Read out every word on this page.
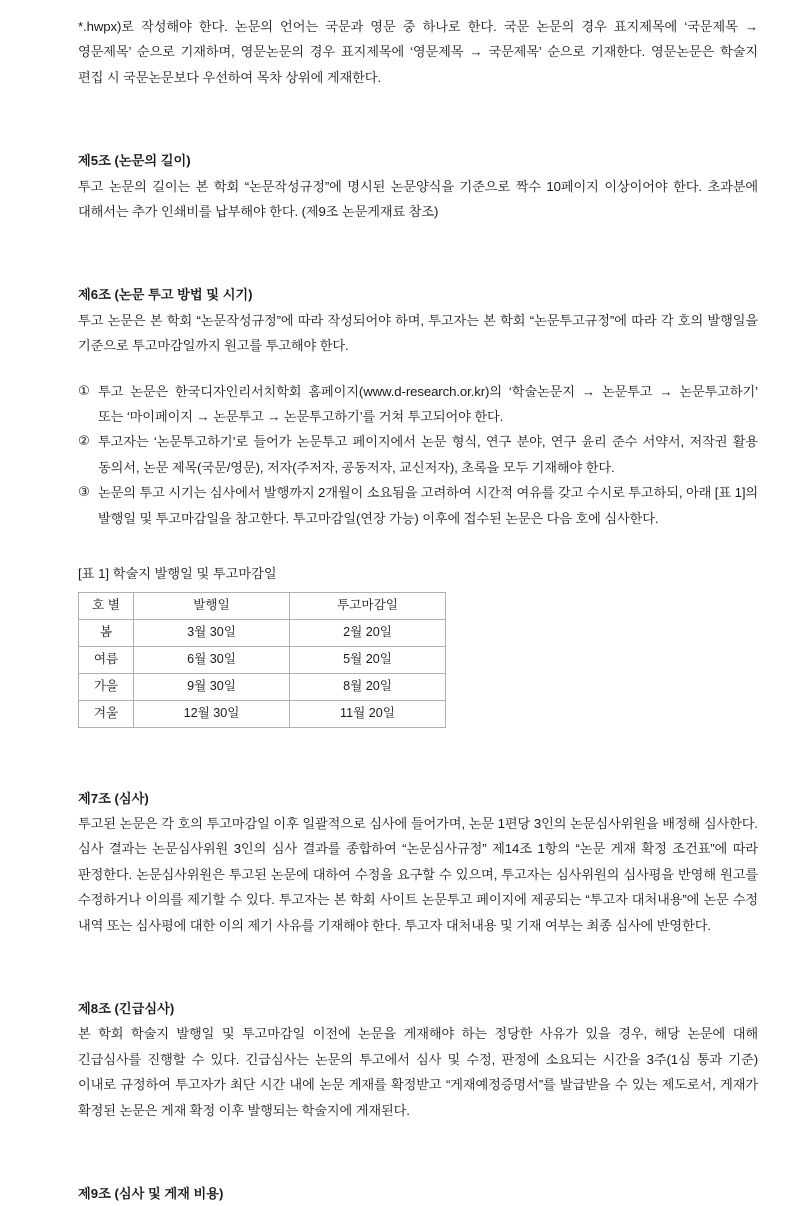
*.hwpx)로 작성해야 한다. 논문의 언어는 국문과 영문 중 하나로 한다. 국문 논문의 경우 표지제목에 ‘국문제목 → 영문제목’ 순으로 기재하며, 영문논문의 경우 표지제목에 ‘영문제목 → 국문제목’ 순으로 기재한다. 영문논문은 학술지 편집 시 국문논문보다 우선하여 목차 상위에 게재한다.

제5조 (논문의 길이)

투고 논문의 길이는 본 학회 “논문작성규정”에 명시된 논문양식을 기준으로 짝수 10페이지 이상이어야 한다. 초과분에 대해서는 추가 인쇄비를 납부해야 한다. (제9조 논문게재료 참조)

제6조 (논문 투고 방법 및 시기)

투고 논문은 본 학회 “논문작성규정”에 따라 작성되어야 하며, 투고자는 본 학회 “논문투고규정”에 따라 각 호의 발행일을 기준으로 투고마감일까지 원고를 투고해야 한다.

① 투고 논문은 한국디자인리서치학회 홈페이지(www.d-research.or.kr)의 ‘학술논문지 → 논문투고 → 논문투고하기’ 또는 ‘마이페이지 → 논문투고 → 논문투고하기’를 거쳐 투고되어야 한다.
② 투고자는 ‘논문투고하기’로 들어가 논문투고 페이지에서 논문 형식, 연구 분야, 연구 윤리 준수 서약서, 저작권 활용 동의서, 논문 제목(국문/영문), 저자(주저자, 공동저자, 교신저자), 초록을 모두 기재해야 한다.
③ 논문의 투고 시기는 심사에서 발행까지 2개월이 소요됨을 고려하여 시간적 여유를 갖고 수시로 투고하되, 아래 [표 1]의 발행일 및 투고마감일을 참고한다. 투고마감일(연장 가능) 이후에 접수된 논문은 다음 호에 심사한다.

[표 1] 학술지 발행일 및 투고마감일

호 별	발행일	투고마감일
봄	3월 30일	2월 20일
여름	6월 30일	5월 20일
가을	9월 30일	8월 20일
겨울	12월 30일	11월 20일
제7조 (심사)

투고된 논문은 각 호의 투고마감일 이후 일괄적으로 심사에 들어가며, 논문 1편당 3인의 논문심사위원을 배정해 심사한다. 심사 결과는 논문심사위원 3인의 심사 결과를 종합하여 “논문심사규정” 제14조 1항의 “논문 게재 확정 조건표”에 따라 판정한다. 논문심사위원은 투고된 논문에 대하여 수정을 요구할 수 있으며, 투고자는 심사위원의 심사평을 반영해 원고를 수정하거나 이의를 제기할 수 있다. 투고자는 본 학회 사이트 논문투고 페이지에 제공되는 “투고자 대처내용”에 논문 수정 내역 또는 심사평에 대한 이의 제기 사유를 기재해야 한다. 투고자 대처내용 및 기재 여부는 최종 심사에 반영한다.

제8조 (긴급심사)

본 학회 학술지 발행일 및 투고마감일 이전에 논문을 게재해야 하는 정당한 사유가 있을 경우, 해당 논문에 대해 긴급심사를 진행할 수 있다. 긴급심사는 논문의 투고에서 심사 및 수정, 판정에 소요되는 시간을 3주(1심 통과 기준) 이내로 규정하여 투고자가 최단 시간 내에 논문 게재를 확정받고 “게재예정증명서”를 발급받을 수 있는 제도로서, 게재가 확정된 논문은 게재 확정 이후 발행되는 학술지에 게재된다.

제9조 (심사 및 게재 비용)
